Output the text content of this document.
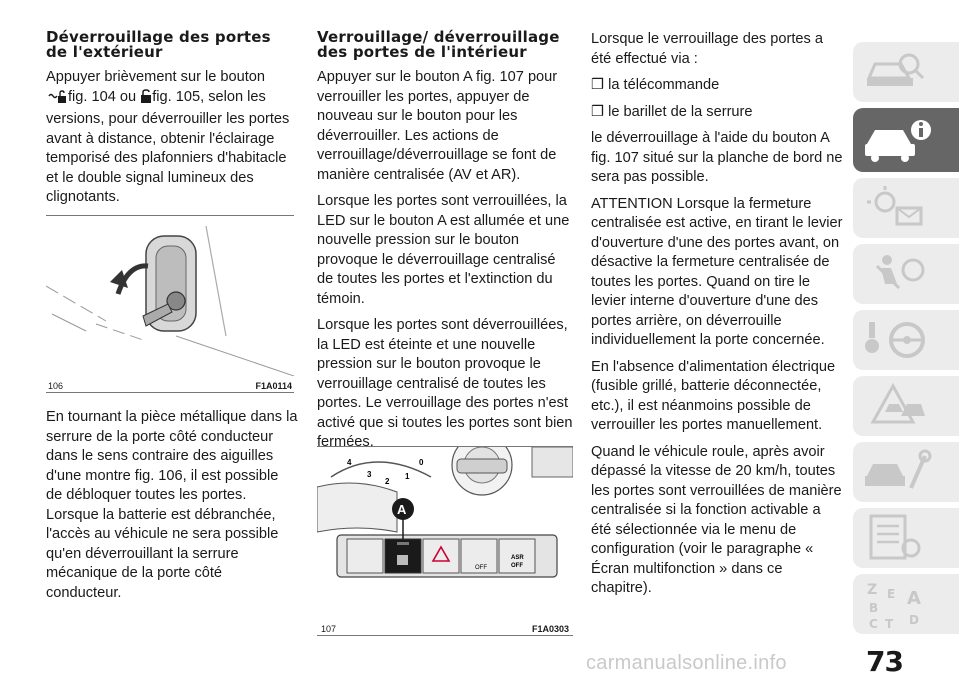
Déverrouillage des portes de l'extérieur

Appuyer brièvement sur le bouton
fig. 104 ou fig. 105, selon les versions, pour déverrouiller les portes avant à distance, obtenir l'éclairage temporisé des plafonniers d'habitacle et le double signal lumineux des clignotants.

106	F1A0114

En tournant la pièce métallique dans la serrure de la porte côté conducteur dans le sens contraire des aiguilles d'une montre fig. 106, il est possible de débloquer toutes les portes. Lorsque la batterie est débranchée, l'accès au véhicule ne sera possible qu'en déverrouillant la serrure mécanique de la porte côté conducteur.

Verrouillage/ déverrouillage des portes de l'intérieur

Appuyer sur le bouton A fig. 107 pour verrouiller les portes, appuyer de nouveau sur le bouton pour les déverrouiller. Les actions de verrouillage/déverrouillage se font de manière centralisée (AV et AR).

Lorsque les portes sont verrouillées, la LED sur le bouton A est allumée et une nouvelle pression sur le bouton provoque le déverrouillage centralisé de toutes les portes et l'extinction du témoin.

Lorsque les portes sont déverrouillées, la LED est éteinte et une nouvelle pression sur le bouton provoque le verrouillage centralisé de toutes les portes. Le verrouillage des portes n'est activé que si toutes les portes sont bien fermées.

4
3
2
1
0
OFF
ASR
OFF
A
107	F1A0303

Lorsque le verrouillage des portes a été effectué via :

❒ la télécommande

❒ le barillet de la serrure

le déverrouillage à l'aide du bouton A fig. 107 situé sur la planche de bord ne sera pas possible.

ATTENTION Lorsque la fermeture centralisée est active, en tirant le levier d'ouverture d'une des portes avant, on désactive la fermeture centralisée de toutes les portes. Quand on tire le levier interne d'ouverture d'une des portes arrière, on déverrouille individuellement la porte concernée.

En l'absence d'alimentation électrique (fusible grillé, batterie déconnectée, etc.), il est néanmoins possible de verrouiller les portes manuellement.

Quand le véhicule roule, après avoir dépassé la vitesse de 20 km/h, toutes les portes sont verrouillées de manière centralisée si la fonction activable a été sélectionnée via le menu de configuration (voir le paragraphe « Écran multifonction » dans ce chapitre).	Z E A
B
C T D
73
carmanualsonline.info
